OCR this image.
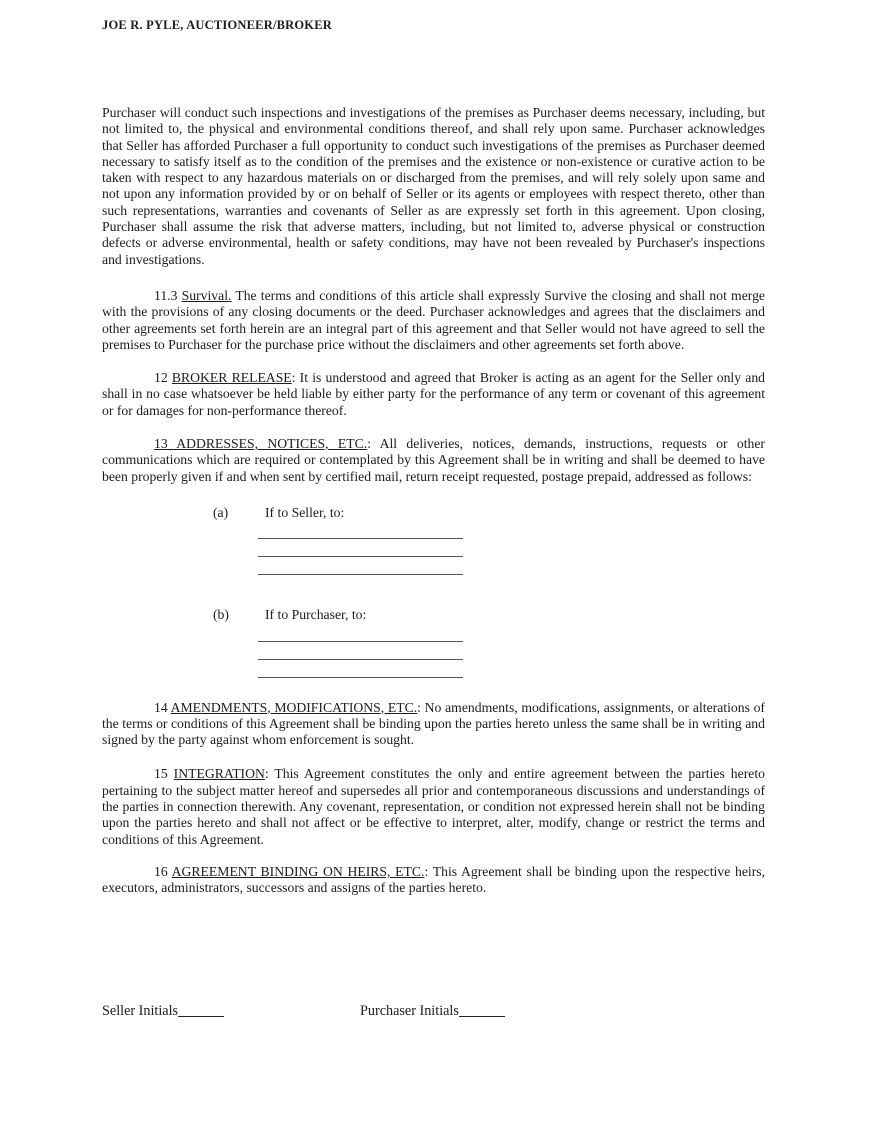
JOE R. PYLE, AUCTIONEER/BROKER

Purchaser will conduct such inspections and investigations of the premises as Purchaser deems necessary, including, but not limited to, the physical and environmental conditions thereof, and shall rely upon same. Purchaser acknowledges that Seller has afforded Purchaser a full opportunity to conduct such investigations of the premises as Purchaser deemed necessary to satisfy itself as to the condition of the premises and the existence or non-existence or curative action to be taken with respect to any hazardous materials on or discharged from the premises, and will rely solely upon same and not upon any information provided by or on behalf of Seller or its agents or employees with respect thereto, other than such representations, warranties and covenants of Seller as are expressly set forth in this agreement. Upon closing, Purchaser shall assume the risk that adverse matters, including, but not limited to, adverse physical or construction defects or adverse environmental, health or safety conditions, may have not been revealed by Purchaser's inspections and investigations.

11.3 Survival. The terms and conditions of this article shall expressly Survive the closing and shall not merge with the provisions of any closing documents or the deed. Purchaser acknowledges and agrees that the disclaimers and other agreements set forth herein are an integral part of this agreement and that Seller would not have agreed to sell the premises to Purchaser for the purchase price without the disclaimers and other agreements set forth above.

12 BROKER RELEASE: It is understood and agreed that Broker is acting as an agent for the Seller only and shall in no case whatsoever be held liable by either party for the performance of any term or covenant of this agreement or for damages for non-performance thereof.

13 ADDRESSES, NOTICES, ETC.: All deliveries, notices, demands, instructions, requests or other communications which are required or contemplated by this Agreement shall be in writing and shall be deemed to have been properly given if and when sent by certified mail, return receipt requested, postage prepaid, addressed as follows:

(a)	If to Seller, to:
(b)	If to Purchaser, to:

14 AMENDMENTS, MODIFICATIONS, ETC.: No amendments, modifications, assignments, or alterations of the terms or conditions of this Agreement shall be binding upon the parties hereto unless the same shall be in writing and signed by the party against whom enforcement is sought.

15 INTEGRATION: This Agreement constitutes the only and entire agreement between the parties hereto pertaining to the subject matter hereof and supersedes all prior and contemporaneous discussions and understandings of the parties in connection therewith. Any covenant, representation, or condition not expressed herein shall not be binding upon the parties hereto and shall not affect or be effective to interpret, alter, modify, change or restrict the terms and conditions of this Agreement.

16 AGREEMENT BINDING ON HEIRS, ETC.: This Agreement shall be binding upon the respective heirs, executors, administrators, successors and assigns of the parties hereto.

Seller Initials	Purchaser Initials
